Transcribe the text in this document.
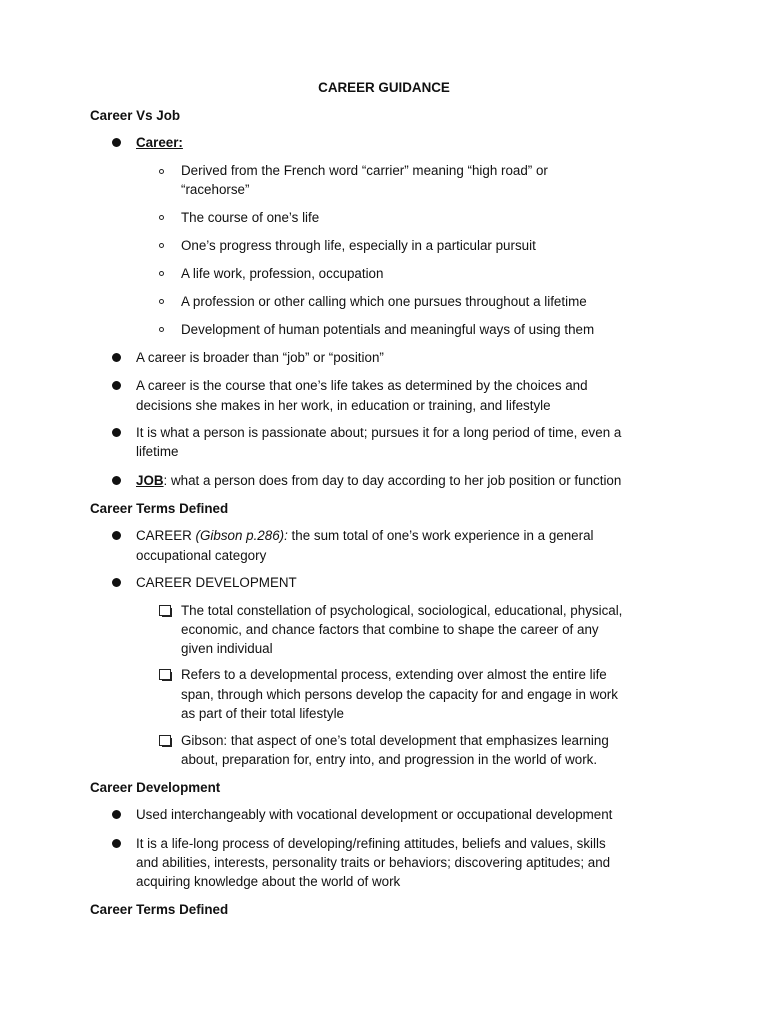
CAREER GUIDANCE
Career Vs Job
Career:
Derived from the French word “carrier” meaning “high road” or
“racehorse”
The course of one’s life
One’s progress through life, especially in a particular pursuit
A life work, profession, occupation
A profession or other calling which one pursues throughout a lifetime
Development of human potentials and meaningful ways of using them
A career is broader than “job” or “position”
A career is the course that one’s life takes as determined by the choices and
decisions she makes in her work, in education or training, and lifestyle
It is what a person is passionate about; pursues it for a long period of time, even a
lifetime
JOB: what a person does from day to day according to her job position or function
Career Terms Defined
CAREER (Gibson p.286): the sum total of one’s work experience in a general
occupational category
CAREER DEVELOPMENT
The total constellation of psychological, sociological, educational, physical,
economic, and chance factors that combine to shape the career of any
given individual
Refers to a developmental process, extending over almost the entire life
span, through which persons develop the capacity for and engage in work
as part of their total lifestyle
Gibson: that aspect of one’s total development that emphasizes learning
about, preparation for, entry into, and progression in the world of work.
Career Development
Used interchangeably with vocational development or occupational development
It is a life-long process of developing/refining attitudes, beliefs and values, skills
and abilities, interests, personality traits or behaviors; discovering aptitudes; and
acquiring knowledge about the world of work
Career Terms Defined
